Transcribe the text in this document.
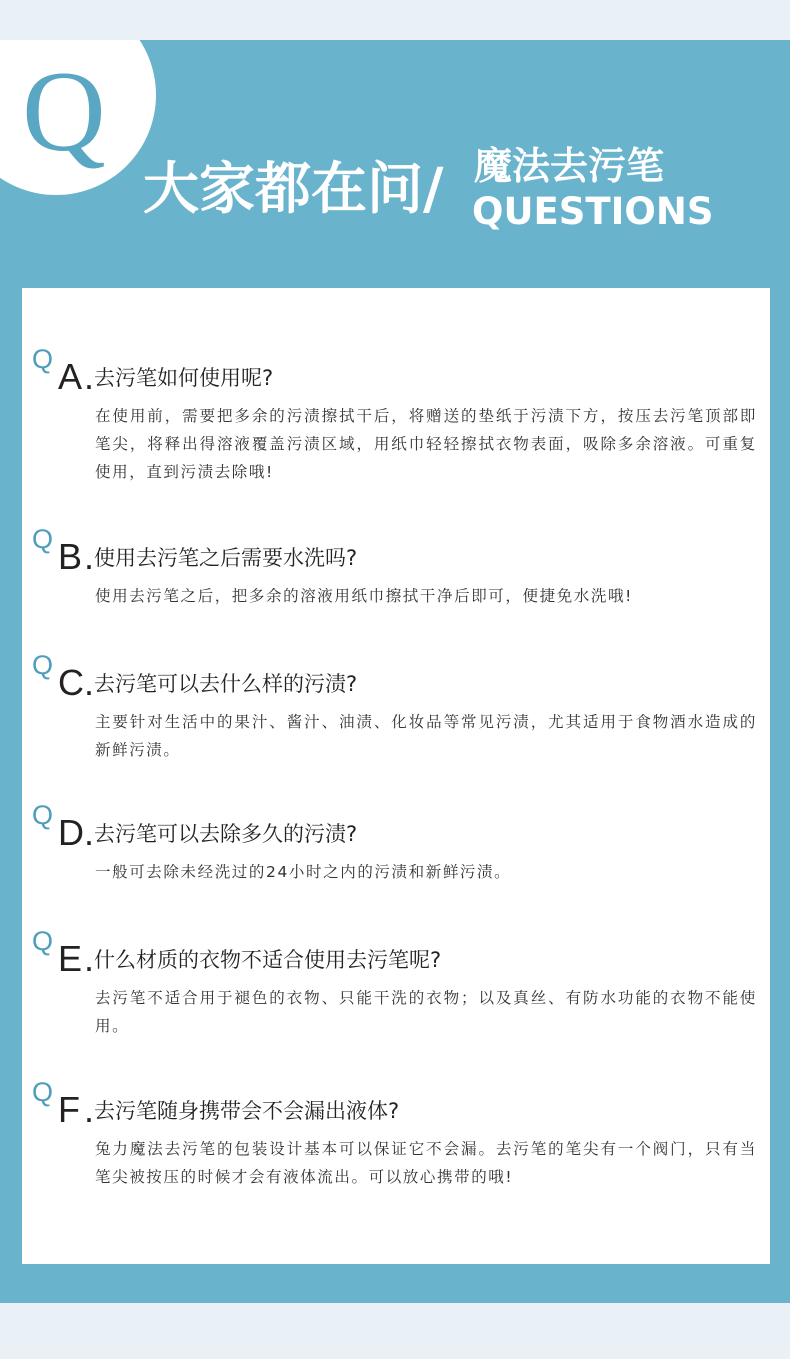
Q
大家都在问/ 魔法去污笔
QUESTIONS
Q A . 去污笔如何使用呢?
在使用前，需要把多余的污渍擦拭干后，将赠送的垫纸于污渍下方，按压去污笔顶部即笔尖，将释出得溶液覆盖污渍区域，用纸巾轻轻擦拭衣物表面，吸除多余溶液。可重复使用，直到污渍去除哦!
Q B . 使用去污笔之后需要水洗吗?
使用去污笔之后，把多余的溶液用纸巾擦拭干净后即可，便捷免水洗哦!
Q C . 去污笔可以去什么样的污渍?
主要针对生活中的果汁、酱汁、油渍、化妆品等常见污渍，尤其适用于食物酒水造成的新鲜污渍。
Q D . 去污笔可以去除多久的污渍?
一般可去除未经洗过的24小时之内的污渍和新鲜污渍。
Q E . 什么材质的衣物不适合使用去污笔呢?
去污笔不适合用于褪色的衣物、只能干洗的衣物；以及真丝、有防水功能的衣物不能使用。
Q F . 去污笔随身携带会不会漏出液体?
兔力魔法去污笔的包装设计基本可以保证它不会漏。去污笔的笔尖有一个阀门，只有当笔尖被按压的时候才会有液体流出。可以放心携带的哦!
